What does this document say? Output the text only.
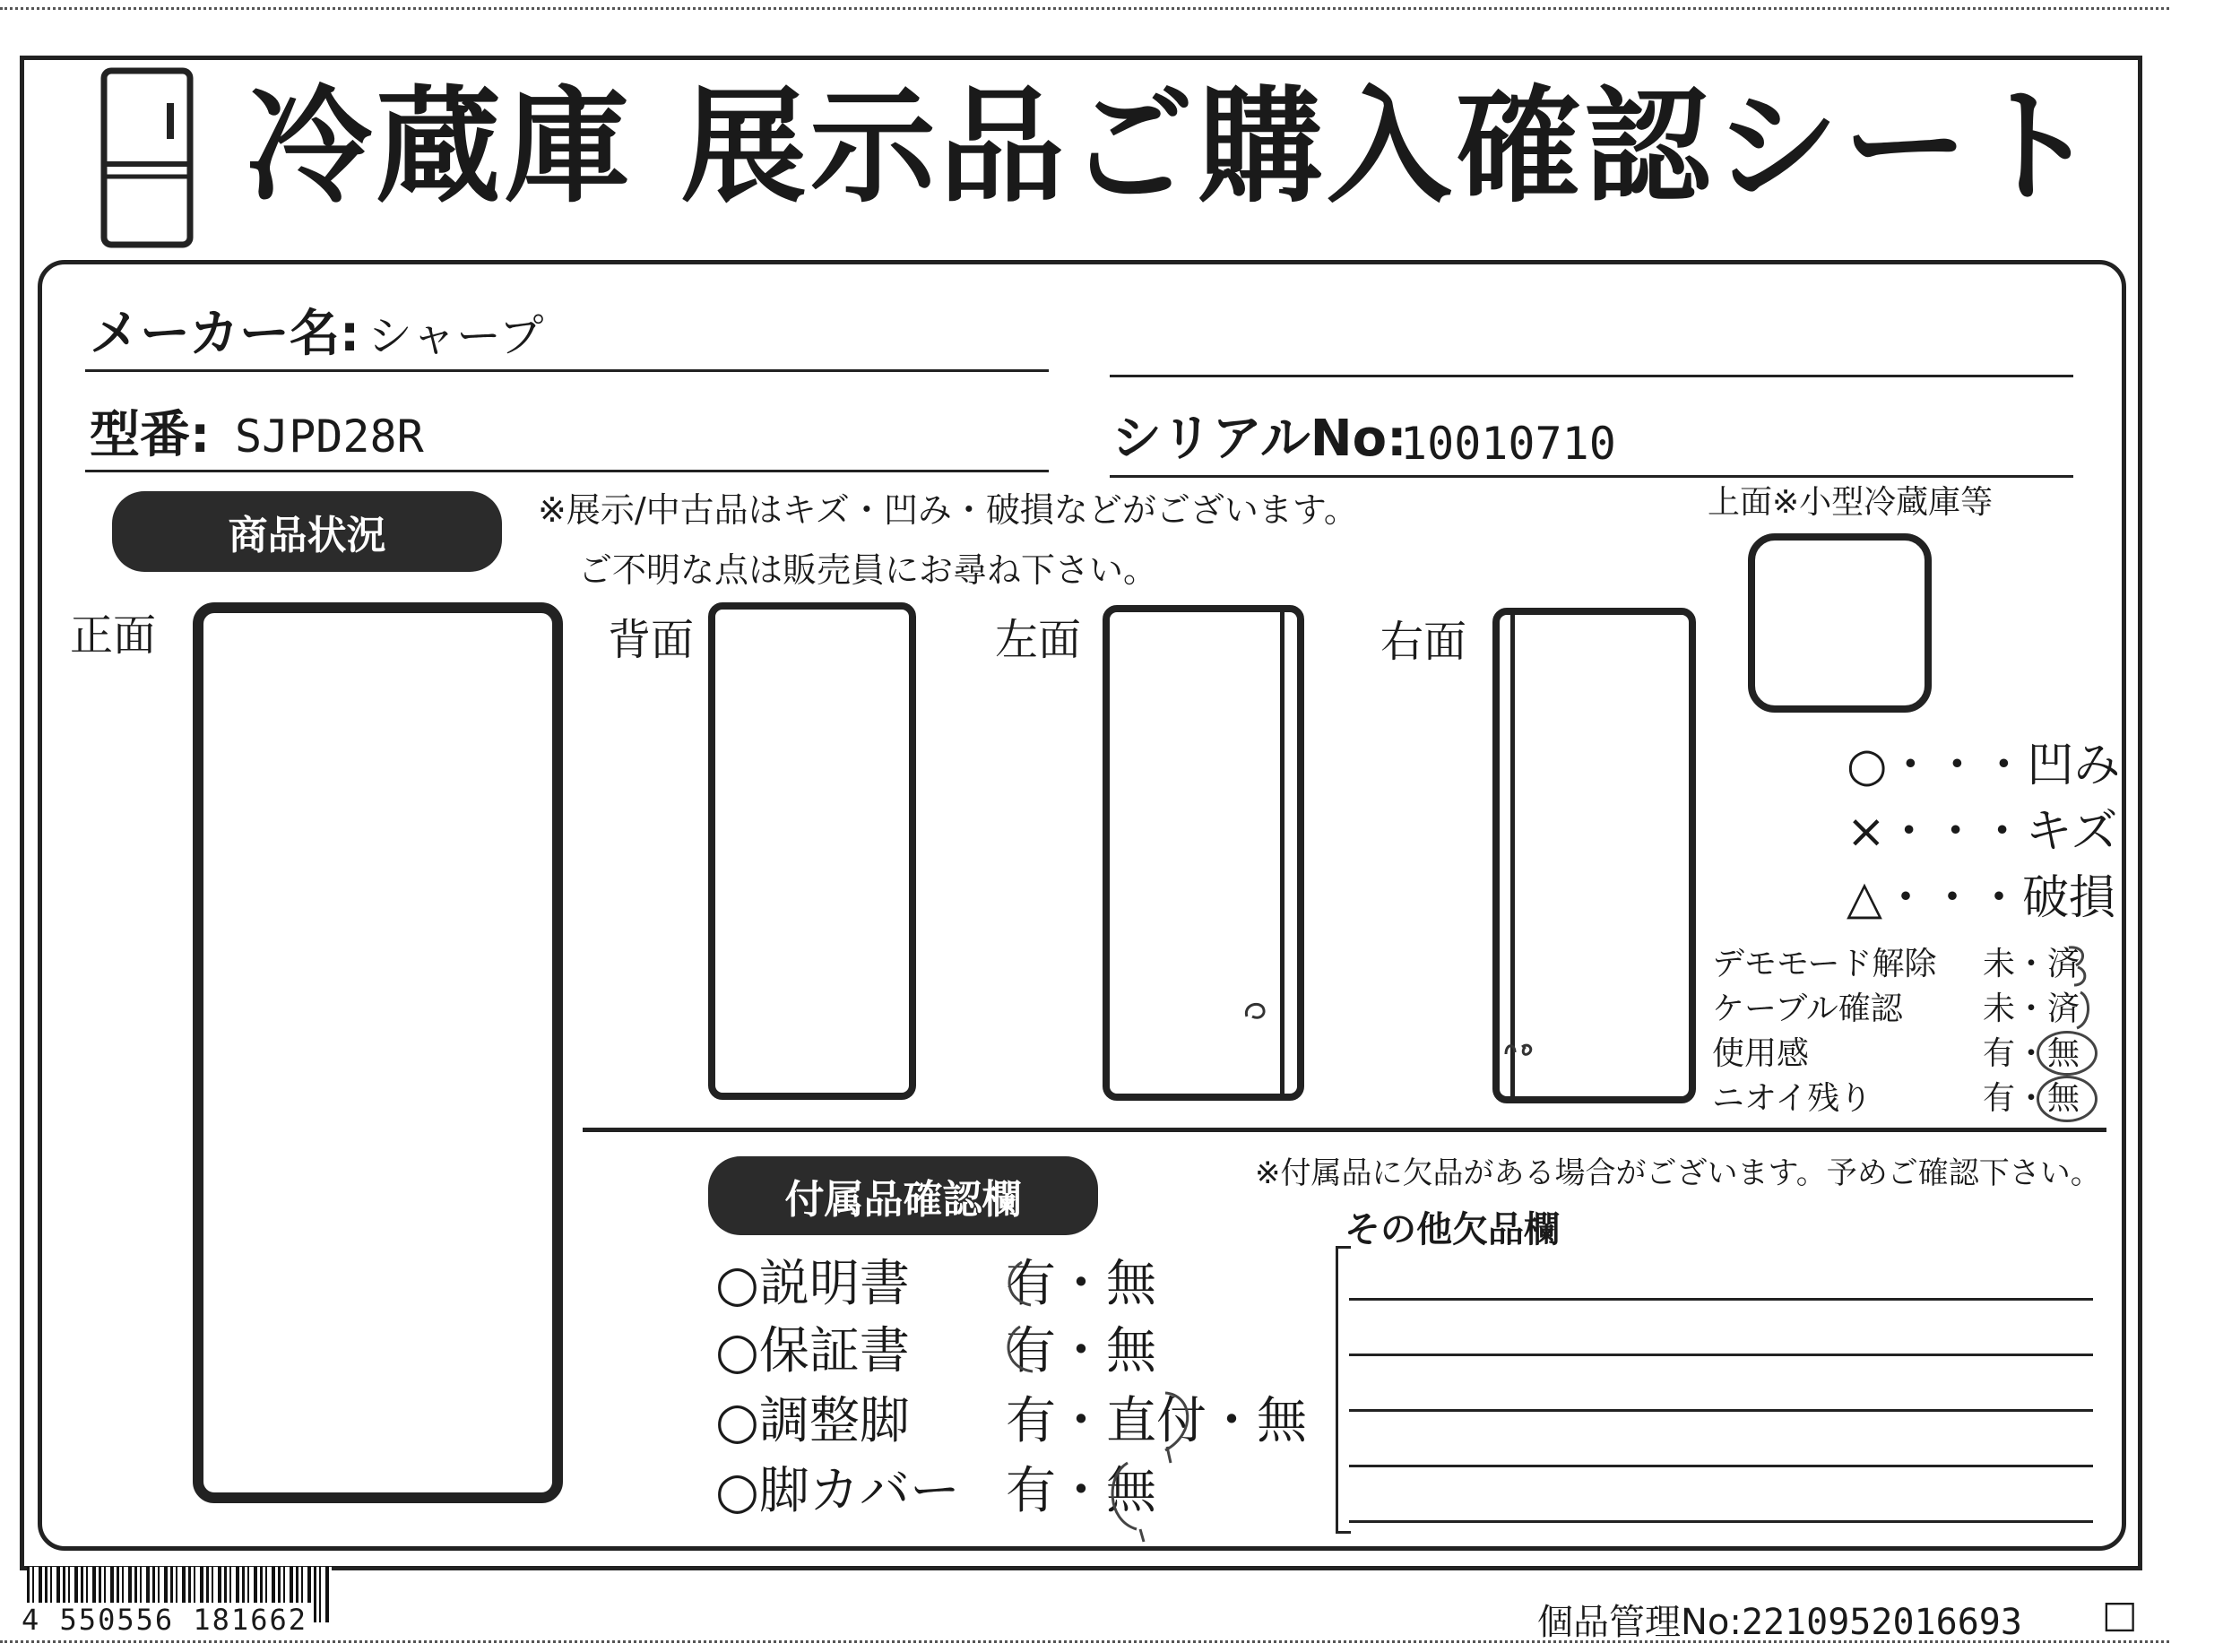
冷蔵庫 展示品ご購入確認シート
メーカー名: シャープ
型番: SJPD28R	シリアルNo:
10010710
商品状況
※展示/中古品はキズ・凹み・破損などがございます。
ご不明な点は販売員にお尋ね下さい。
正面	背面	左面	右面
上面※小型冷蔵庫等
○・・・凹み
×・・・キズ
△・・・破損
デモモード解除 未・済
ケーブル確認 未・済
使用感	有・無
ニオイ残り	有・無
付属品確認欄
※付属品に欠品がある場合がございます。予めご確認下さい。
その他欠品欄
○説明書 有・無
○保証書 有・無
○調整脚 有・直付・無
○脚カバー 有・無
4 550556 181662	個品管理No:2210952016693 □
